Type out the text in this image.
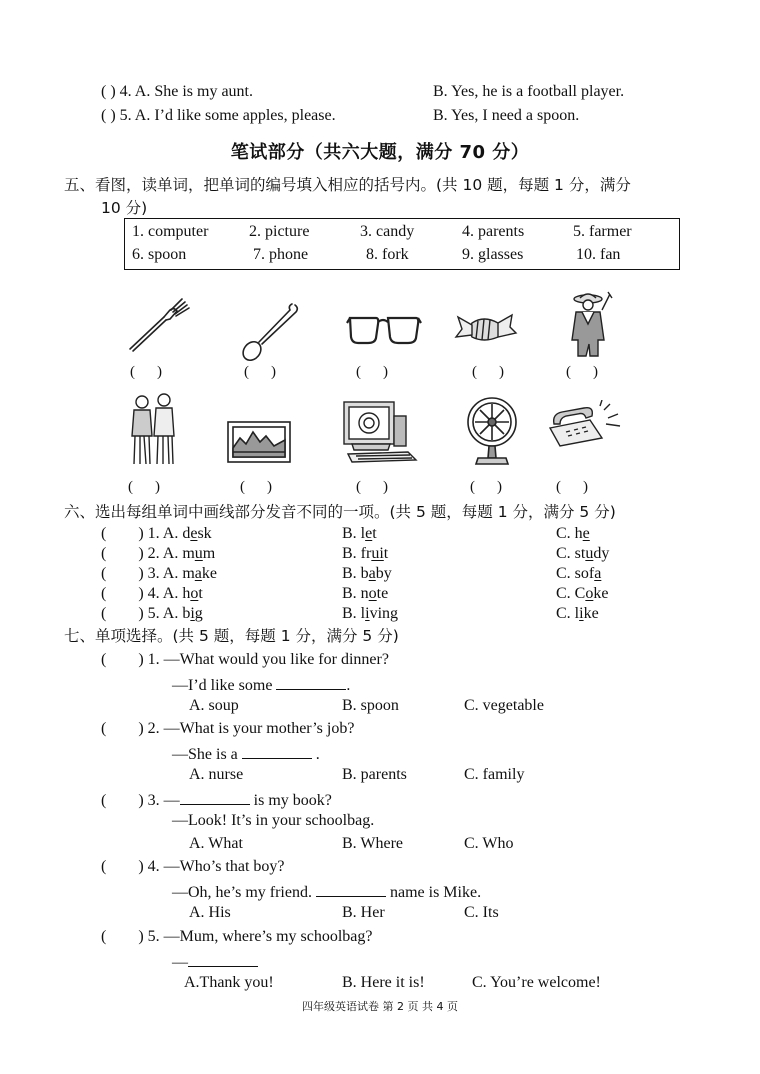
( ) 4. A. She is my aunt.	B. Yes, he is a football player.
( ) 5. A. I’d like some apples, please.	B. Yes, I need a spoon.
笔试部分（共六大题，满分 70 分）
五、看图，读单词，把单词的编号填入相应的括号内。(共 10 题，每题 1 分，满分
10 分)
1. computer	2. picture	3. candy	4. parents	5. farmer
6. spoon	7. phone	8. fork	9. glasses	10. fan
( )	( )	( )	( )	( )
( )	( )	( )	( )	( )
六、选出每组单词中画线部分发音不同的一项。(共 5 题，每题 1 分，满分 5 分)
( ) 1. A. desk	B. let	C. he
( ) 2. A. mum	B. fruit	C. study
( ) 3. A. make	B. baby	C. sofa
( ) 4. A. hot	B. note	C. Coke
( ) 5. A. big	B. living	C. like
七、单项选择。(共 5 题，每题 1 分，满分 5 分)
( ) 1. —What would you like for dinner?
—I’d like some	.
A. soup	B. spoon	C. vegetable
( ) 2. —What is your mother’s job?
—She is a	.
A. nurse	B. parents	C. family
( ) 3. —	is my book?
—Look! It’s in your schoolbag.
A. What	B. Where	C. Who
( ) 4. —Who’s that boy?
—Oh, he’s my friend.	name is Mike.
A. His	B. Her	C. Its
( ) 5. —Mum, where’s my schoolbag?
—
A.Thank you!	B. Here it is!	C. You’re welcome!
四年级英语试卷 第 2 页 共 4 页
